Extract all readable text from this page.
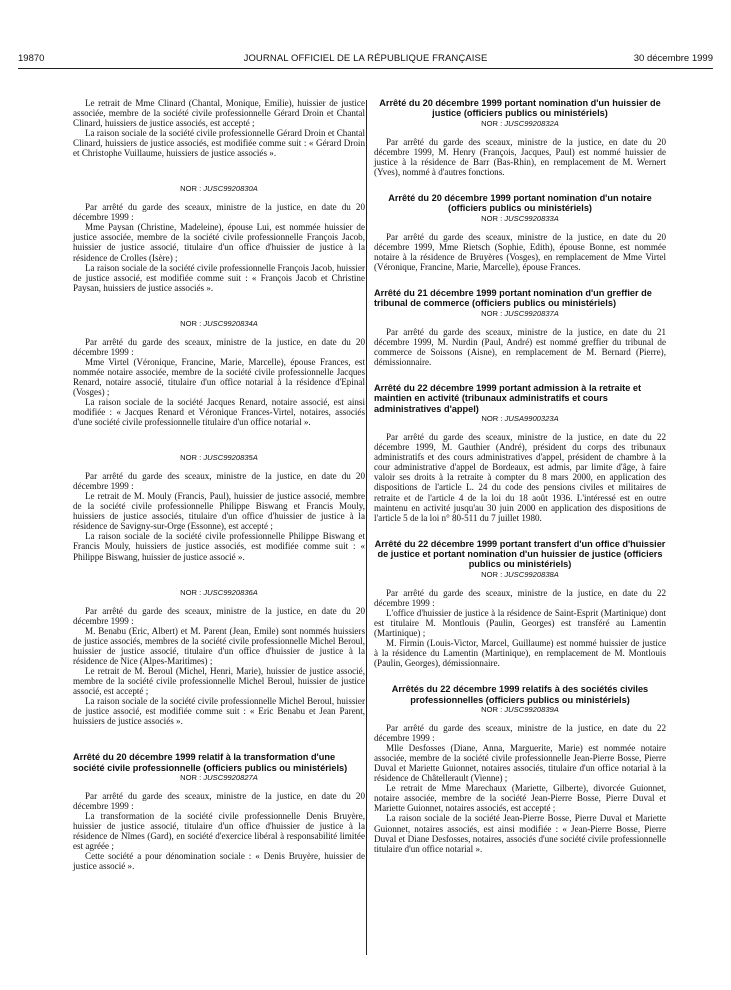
19870	JOURNAL OFFICIEL DE LA RÉPUBLIQUE FRANÇAISE	30 décembre 1999

Le retrait de Mme Clinard (Chantal, Monique, Emilie), huissier de justice associée, membre de la société civile professionnelle Gérard Droin et Chantal Clinard, huissiers de justice associés, est accepté ;

La raison sociale de la société civile professionnelle Gérard Droin et Chantal Clinard, huissiers de justice associés, est modifiée comme suit : « Gérard Droin et Christophe Vuillaume, huissiers de justice associés ».

NOR : JUSC9920830A

Par arrêté du garde des sceaux, ministre de la justice, en date du 20 décembre 1999 :

Mme Paysan (Christine, Madeleine), épouse Lui, est nommée huissier de justice associée, membre de la société civile professionnelle François Jacob, huissier de justice associé, titulaire d'un office d'huissier de justice à la résidence de Crolles (Isère) ;

La raison sociale de la société civile professionnelle François Jacob, huissier de justice associé, est modifiée comme suit : « François Jacob et Christine Paysan, huissiers de justice associés ».

NOR : JUSC9920834A

Par arrêté du garde des sceaux, ministre de la justice, en date du 20 décembre 1999 :

Mme Virtel (Véronique, Francine, Marie, Marcelle), épouse Frances, est nommée notaire associée, membre de la société civile professionnelle Jacques Renard, notaire associé, titulaire d'un office notarial à la résidence d'Epinal (Vosges) ;

La raison sociale de la société Jacques Renard, notaire associé, est ainsi modifiée : « Jacques Renard et Véronique Frances-Virtel, notaires, associés d'une société civile professionnelle titulaire d'un office notarial ».

NOR : JUSC9920835A

Par arrêté du garde des sceaux, ministre de la justice, en date du 20 décembre 1999 :

Le retrait de M. Mouly (Francis, Paul), huissier de justice associé, membre de la société civile professionnelle Philippe Biswang et Francis Mouly, huissiers de justice associés, titulaire d'un office d'huissier de justice à la résidence de Savigny-sur-Orge (Essonne), est accepté ;

La raison sociale de la société civile professionnelle Philippe Biswang et Francis Mouly, huissiers de justice associés, est modifiée comme suit : « Philippe Biswang, huissier de justice associé ».

NOR : JUSC9920836A

Par arrêté du garde des sceaux, ministre de la justice, en date du 20 décembre 1999 :

M. Benabu (Eric, Albert) et M. Parent (Jean, Emile) sont nommés huissiers de justice associés, membres de la société civile professionnelle Michel Beroul, huissier de justice associé, titulaire d'un office d'huissier de justice à la résidence de Nice (Alpes-Maritimes) ;

Le retrait de M. Beroul (Michel, Henri, Marie), huissier de justice associé, membre de la société civile professionnelle Michel Beroul, huissier de justice associé, est accepté ;

La raison sociale de la société civile professionnelle Michel Beroul, huissier de justice associé, est modifiée comme suit : « Eric Benabu et Jean Parent, huissiers de justice associés ».

Arrêté du 20 décembre 1999 relatif à la transformation d'une société civile professionnelle (officiers publics ou ministériels)
NOR : JUSC9920827A

Par arrêté du garde des sceaux, ministre de la justice, en date du 20 décembre 1999 :

La transformation de la société civile professionnelle Denis Bruyère, huissier de justice associé, titulaire d'un office d'huissier de justice à la résidence de Nîmes (Gard), en société d'exercice libéral à responsabilité limitée est agréée ;

Cette société a pour dénomination sociale : « Denis Bruyère, huissier de justice associé ».

Arrêté du 20 décembre 1999 portant nomination d'un huissier de justice (officiers publics ou ministériels)
NOR : JUSC9920832A

Par arrêté du garde des sceaux, ministre de la justice, en date du 20 décembre 1999, M. Henry (François, Jacques, Paul) est nommé huissier de justice à la résidence de Barr (Bas-Rhin), en remplacement de M. Wernert (Yves), nommé à d'autres fonctions.

Arrêté du 20 décembre 1999 portant nomination d'un notaire (officiers publics ou ministériels)
NOR : JUSC9920833A

Par arrêté du garde des sceaux, ministre de la justice, en date du 20 décembre 1999, Mme Rietsch (Sophie, Edith), épouse Bonne, est nommée notaire à la résidence de Bruyères (Vosges), en remplacement de Mme Virtel (Véronique, Francine, Marie, Marcelle), épouse Frances.

Arrêté du 21 décembre 1999 portant nomination d'un greffier de tribunal de commerce (officiers publics ou ministériels)
NOR : JUSC9920837A

Par arrêté du garde des sceaux, ministre de la justice, en date du 21 décembre 1999, M. Nurdin (Paul, André) est nommé greffier du tribunal de commerce de Soissons (Aisne), en remplacement de M. Bernard (Pierre), démissionnaire.

Arrêté du 22 décembre 1999 portant admission à la retraite et maintien en activité (tribunaux administratifs et cours administratives d'appel)
NOR : JUSA9900323A

Par arrêté du garde des sceaux, ministre de la justice, en date du 22 décembre 1999, M. Gauthier (André), président du corps des tribunaux administratifs et des cours administratives d'appel, président de chambre à la cour administrative d'appel de Bordeaux, est admis, par limite d'âge, à faire valoir ses droits à la retraite à compter du 8 mars 2000, en application des dispositions de l'article L. 24 du code des pensions civiles et militaires de retraite et de l'article 4 de la loi du 18 août 1936. L'intéressé est en outre maintenu en activité jusqu'au 30 juin 2000 en application des dispositions de l'article 5 de la loi n° 80-511 du 7 juillet 1980.

Arrêté du 22 décembre 1999 portant transfert d'un office d'huissier de justice et portant nomination d'un huissier de justice (officiers publics ou ministériels)
NOR : JUSC9920838A

Par arrêté du garde des sceaux, ministre de la justice, en date du 22 décembre 1999 :

L'office d'huissier de justice à la résidence de Saint-Esprit (Martinique) dont est titulaire M. Montlouis (Paulin, Georges) est transféré au Lamentin (Martinique) ;

M. Firmin (Louis-Victor, Marcel, Guillaume) est nommé huissier de justice à la résidence du Lamentin (Martinique), en remplacement de M. Montlouis (Paulin, Georges), démissionnaire.

Arrêtés du 22 décembre 1999 relatifs à des sociétés civiles professionnelles (officiers publics ou ministériels)
NOR : JUSC9920839A

Par arrêté du garde des sceaux, ministre de la justice, en date du 22 décembre 1999 :

Mlle Desfosses (Diane, Anna, Marguerite, Marie) est nommée notaire associée, membre de la société civile professionnelle Jean-Pierre Bosse, Pierre Duval et Mariette Guionnet, notaires associés, titulaire d'un office notarial à la résidence de Châtellerault (Vienne) ;

Le retrait de Mme Marechaux (Mariette, Gilberte), divorcée Guionnet, notaire associée, membre de la société Jean-Pierre Bosse, Pierre Duval et Mariette Guionnet, notaires associés, est accepté ;

La raison sociale de la société Jean-Pierre Bosse, Pierre Duval et Mariette Guionnet, notaires associés, est ainsi modifiée : « Jean-Pierre Bosse, Pierre Duval et Diane Desfosses, notaires, associés d'une société civile professionnelle titulaire d'un office notarial ».
